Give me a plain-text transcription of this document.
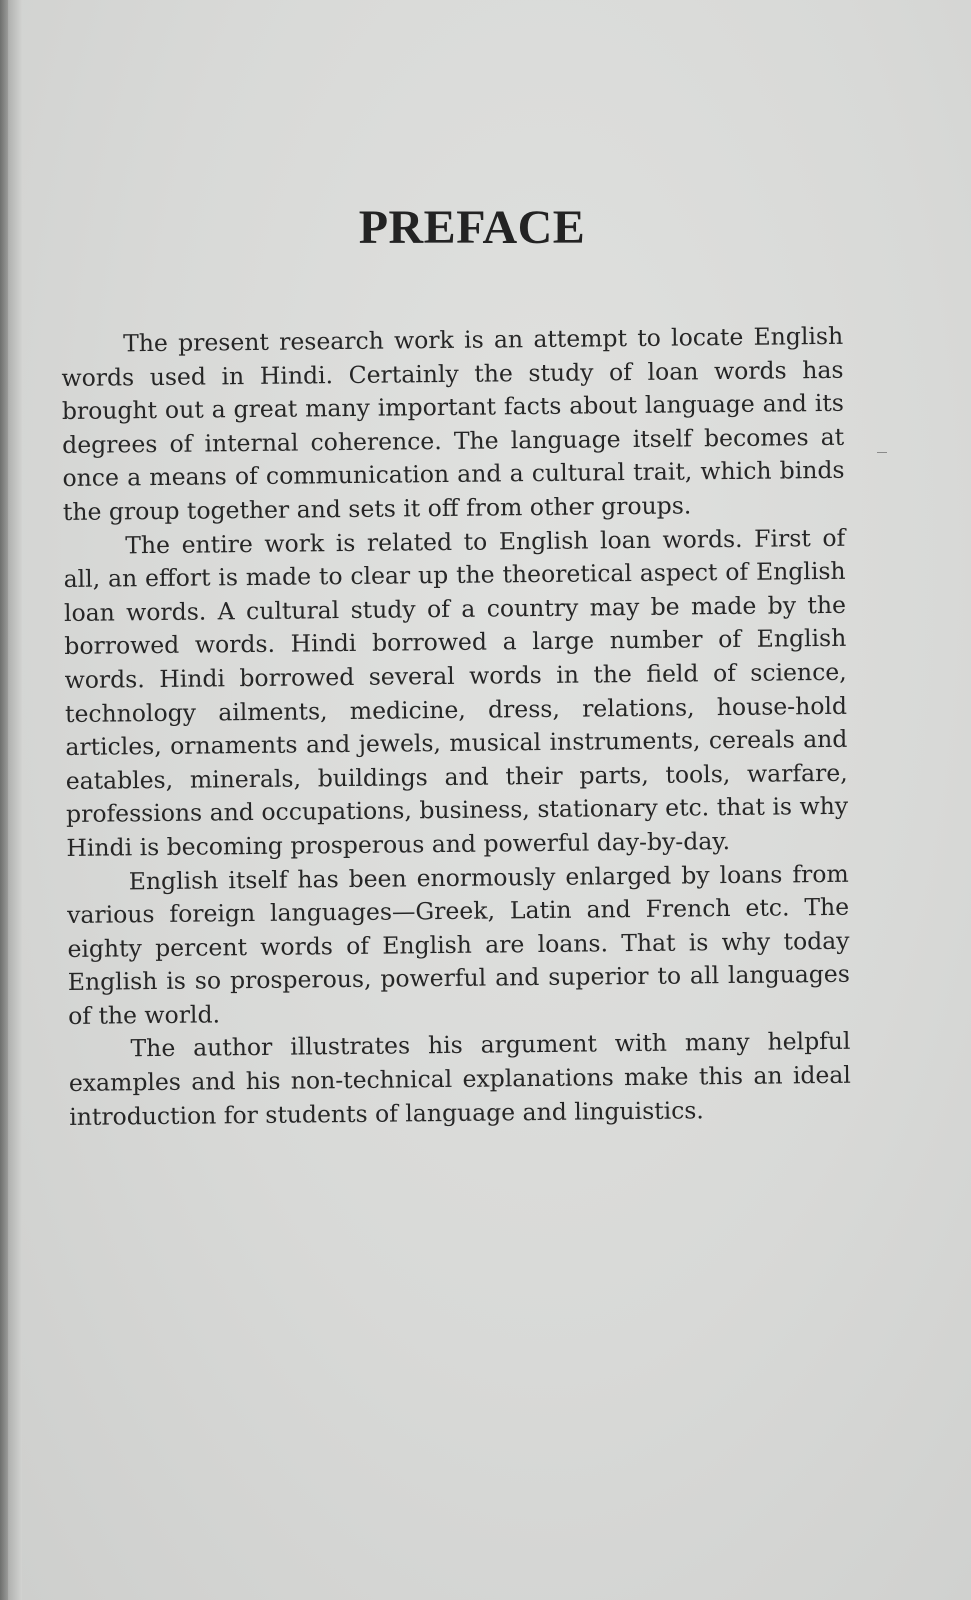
PREFACE

The present research work is an attempt to locate English words used in Hindi. Certainly the study of loan words has brought out a great many important facts about language and its degrees of internal coherence. The language itself becomes at once a means of communication and a cultural trait, which binds the group together and sets it off from other groups.

The entire work is related to English loan words. First of all, an effort is made to clear up the theoretical aspect of English loan words. A cultural study of a country may be made by the borrowed words. Hindi borrowed a large number of English words. Hindi borrowed several words in the field of science, technology ailments, medicine, dress, relations, house-hold articles, ornaments and jewels, musical instruments, cereals and eatables, minerals, buildings and their parts, tools, warfare, professions and occupations, business, stationary etc. that is why Hindi is becoming prosperous and powerful day-by-day.

English itself has been enormously enlarged by loans from various foreign languages—Greek, Latin and French etc. The eighty percent words of English are loans. That is why today English is so prosperous, powerful and superior to all languages of the world.

The author illustrates his argument with many helpful examples and his non-technical explanations make this an ideal introduction for students of language and linguistics.
